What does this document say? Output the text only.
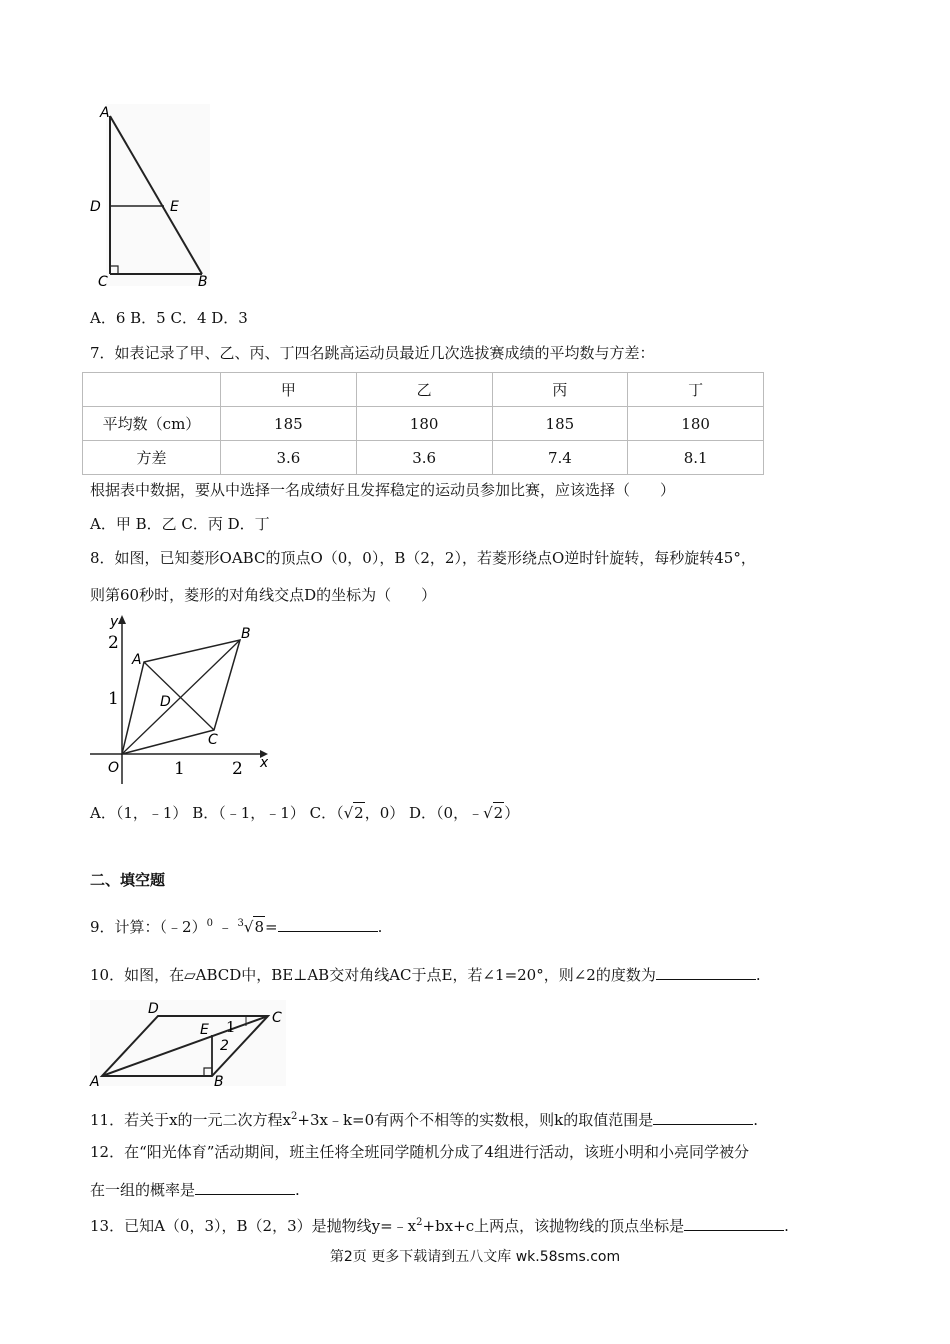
A
D	E
C	B
A．6 B．5 C．4 D．3
7．如表记录了甲、乙、丙、丁四名跳高运动员最近几次选拔赛成绩的平均数与方差：
	甲	乙	丙	丁
平均数（cm）	185	180	185	180
方差	3.6	3.6	7.4	8.1
根据表中数据，要从中选择一名成绩好且发挥稳定的运动员参加比赛，应该选择（　　）
A．甲 B．乙 C．丙 D．丁
8．如图，已知菱形OABC的顶点O（0，0），B（2，2），若菱形绕点O逆时针旋转，每秒旋转45°，
则第60秒时，菱形的对角线交点D的坐标为（　　）
y
x
2
1
O	1	2
A
B
C
D
A．（1，﹣1） B．（﹣1，﹣1） C．（√2，0） D．（0，﹣√2）
二、填空题
9．计算：（﹣2）$^0$ ﹣ $^3$√8=	.
10．如图，在▱ABCD中，BE⊥AB交对角线AC于点E，若∠1=20°，则∠2的度数为	.
D
C
E 1
2
A	B
11．若关于x的一元二次方程$x^2+3x﹣k=0$有两个不相等的实数根，则k的取值范围是	.
12．在“阳光体育”活动期间，班主任将全班同学随机分成了4组进行活动，该班小明和小亮同学被分
在一组的概率是	.
13．已知A（0，3），B（2，3）是抛物线$y=﹣x^2+bx+c$上两点，该抛物线的顶点坐标是	.
第2页 更多下载请到五八文库 wk.58sms.com
